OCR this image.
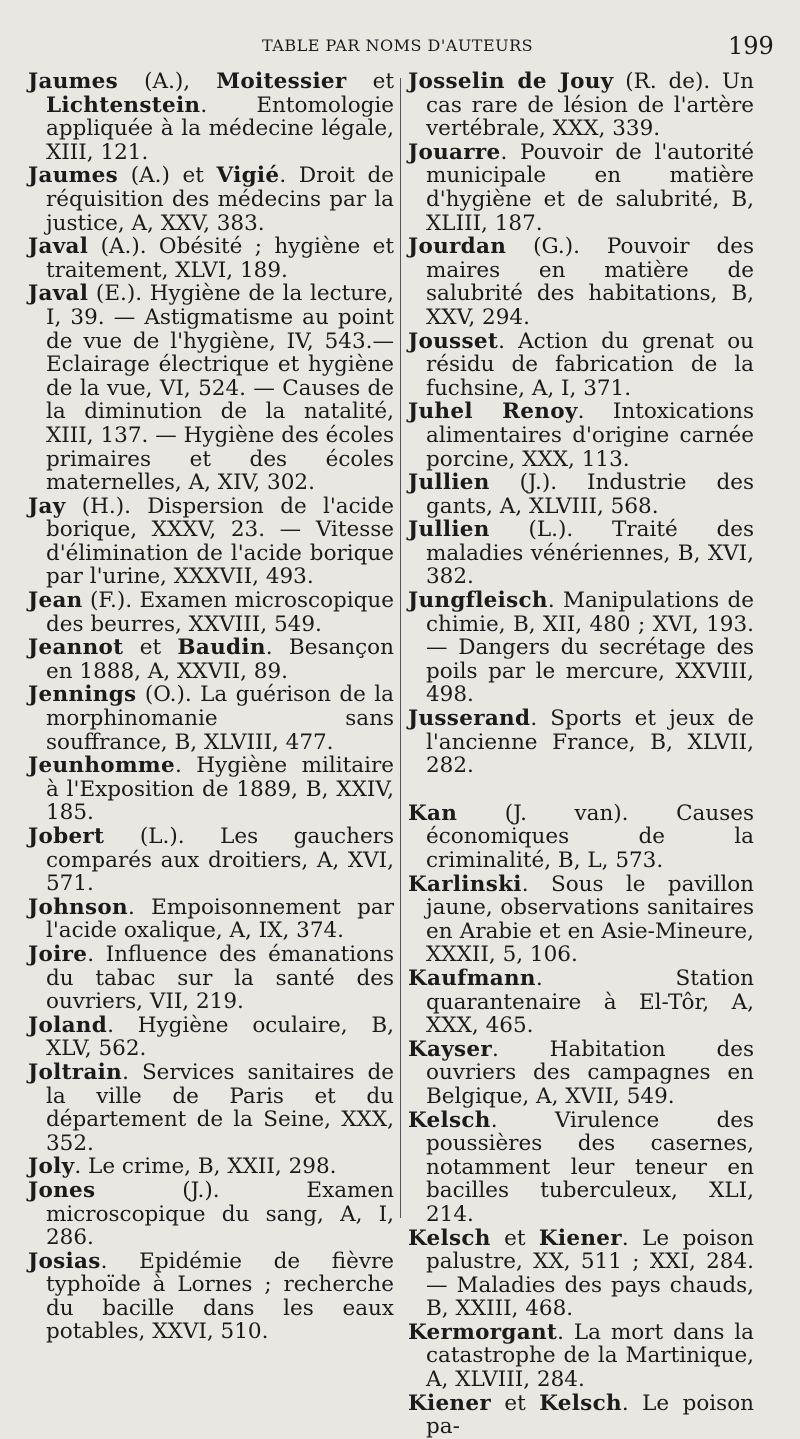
TABLE PAR NOMS D'AUTEURS	199

Jaumes (A.), Moitessier et Lichtenstein. Entomologie appliquée à la médecine légale, XIII, 121.

Jaumes (A.) et Vigié. Droit de réquisition des médecins par la justice, A, XXV, 383.

Javal (A.). Obésité ; hygiène et traitement, XLVI, 189.

Javal (E.). Hygiène de la lecture, I, 39. — Astigmatisme au point de vue de l'hygiène, IV, 543.— Eclairage électrique et hygiène de la vue, VI, 524. — Causes de la diminution de la natalité, XIII, 137. — Hygiène des écoles primaires et des écoles maternelles, A, XIV, 302.

Jay (H.). Dispersion de l'acide borique, XXXV, 23. — Vitesse d'élimination de l'acide borique par l'urine, XXXVII, 493.

Jean (F.). Examen microscopique des beurres, XXVIII, 549.

Jeannot et Baudin. Besançon en 1888, A, XXVII, 89.

Jennings (O.). La guérison de la morphinomanie sans souffrance, B, XLVIII, 477.

Jeunhomme. Hygiène militaire à l'Exposition de 1889, B, XXIV, 185.

Jobert (L.). Les gauchers comparés aux droitiers, A, XVI, 571.

Johnson. Empoisonnement par l'acide oxalique, A, IX, 374.

Joire. Influence des émanations du tabac sur la santé des ouvriers, VII, 219.

Joland. Hygiène oculaire, B, XLV, 562.

Joltrain. Services sanitaires de la ville de Paris et du département de la Seine, XXX, 352.

Joly. Le crime, B, XXII, 298.

Jones (J.). Examen microscopique du sang, A, I, 286.

Josias. Epidémie de fièvre typhoïde à Lornes ; recherche du bacille dans les eaux potables, XXVI, 510.

Josselin de Jouy (R. de). Un cas rare de lésion de l'artère vertébrale, XXX, 339.

Jouarre. Pouvoir de l'autorité municipale en matière d'hygiène et de salubrité, B, XLIII, 187.

Jourdan (G.). Pouvoir des maires en matière de salubrité des habitations, B, XXV, 294.

Jousset. Action du grenat ou résidu de fabrication de la fuchsine, A, I, 371.

Juhel Renoy. Intoxications alimentaires d'origine carnée porcine, XXX, 113.

Jullien (J.). Industrie des gants, A, XLVIII, 568.

Jullien (L.). Traité des maladies vénériennes, B, XVI, 382.

Jungfleisch. Manipulations de chimie, B, XII, 480 ; XVI, 193.— Dangers du secrétage des poils par le mercure, XXVIII, 498.

Jusserand. Sports et jeux de l'ancienne France, B, XLVII, 282.

Kan (J. van). Causes économiques de la criminalité, B, L, 573.

Karlinski. Sous le pavillon jaune, observations sanitaires en Arabie et en Asie-Mineure, XXXII, 5, 106.

Kaufmann. Station quarantenaire à El-Tôr, A, XXX, 465.

Kayser. Habitation des ouvriers des campagnes en Belgique, A, XVII, 549.

Kelsch. Virulence des poussières des casernes, notamment leur teneur en bacilles tuberculeux, XLI, 214.

Kelsch et Kiener. Le poison palustre, XX, 511 ; XXI, 284. — Maladies des pays chauds, B, XXIII, 468.

Kermorgant. La mort dans la catastrophe de la Martinique, A, XLVIII, 284.

Kiener et Kelsch. Le poison pa-
